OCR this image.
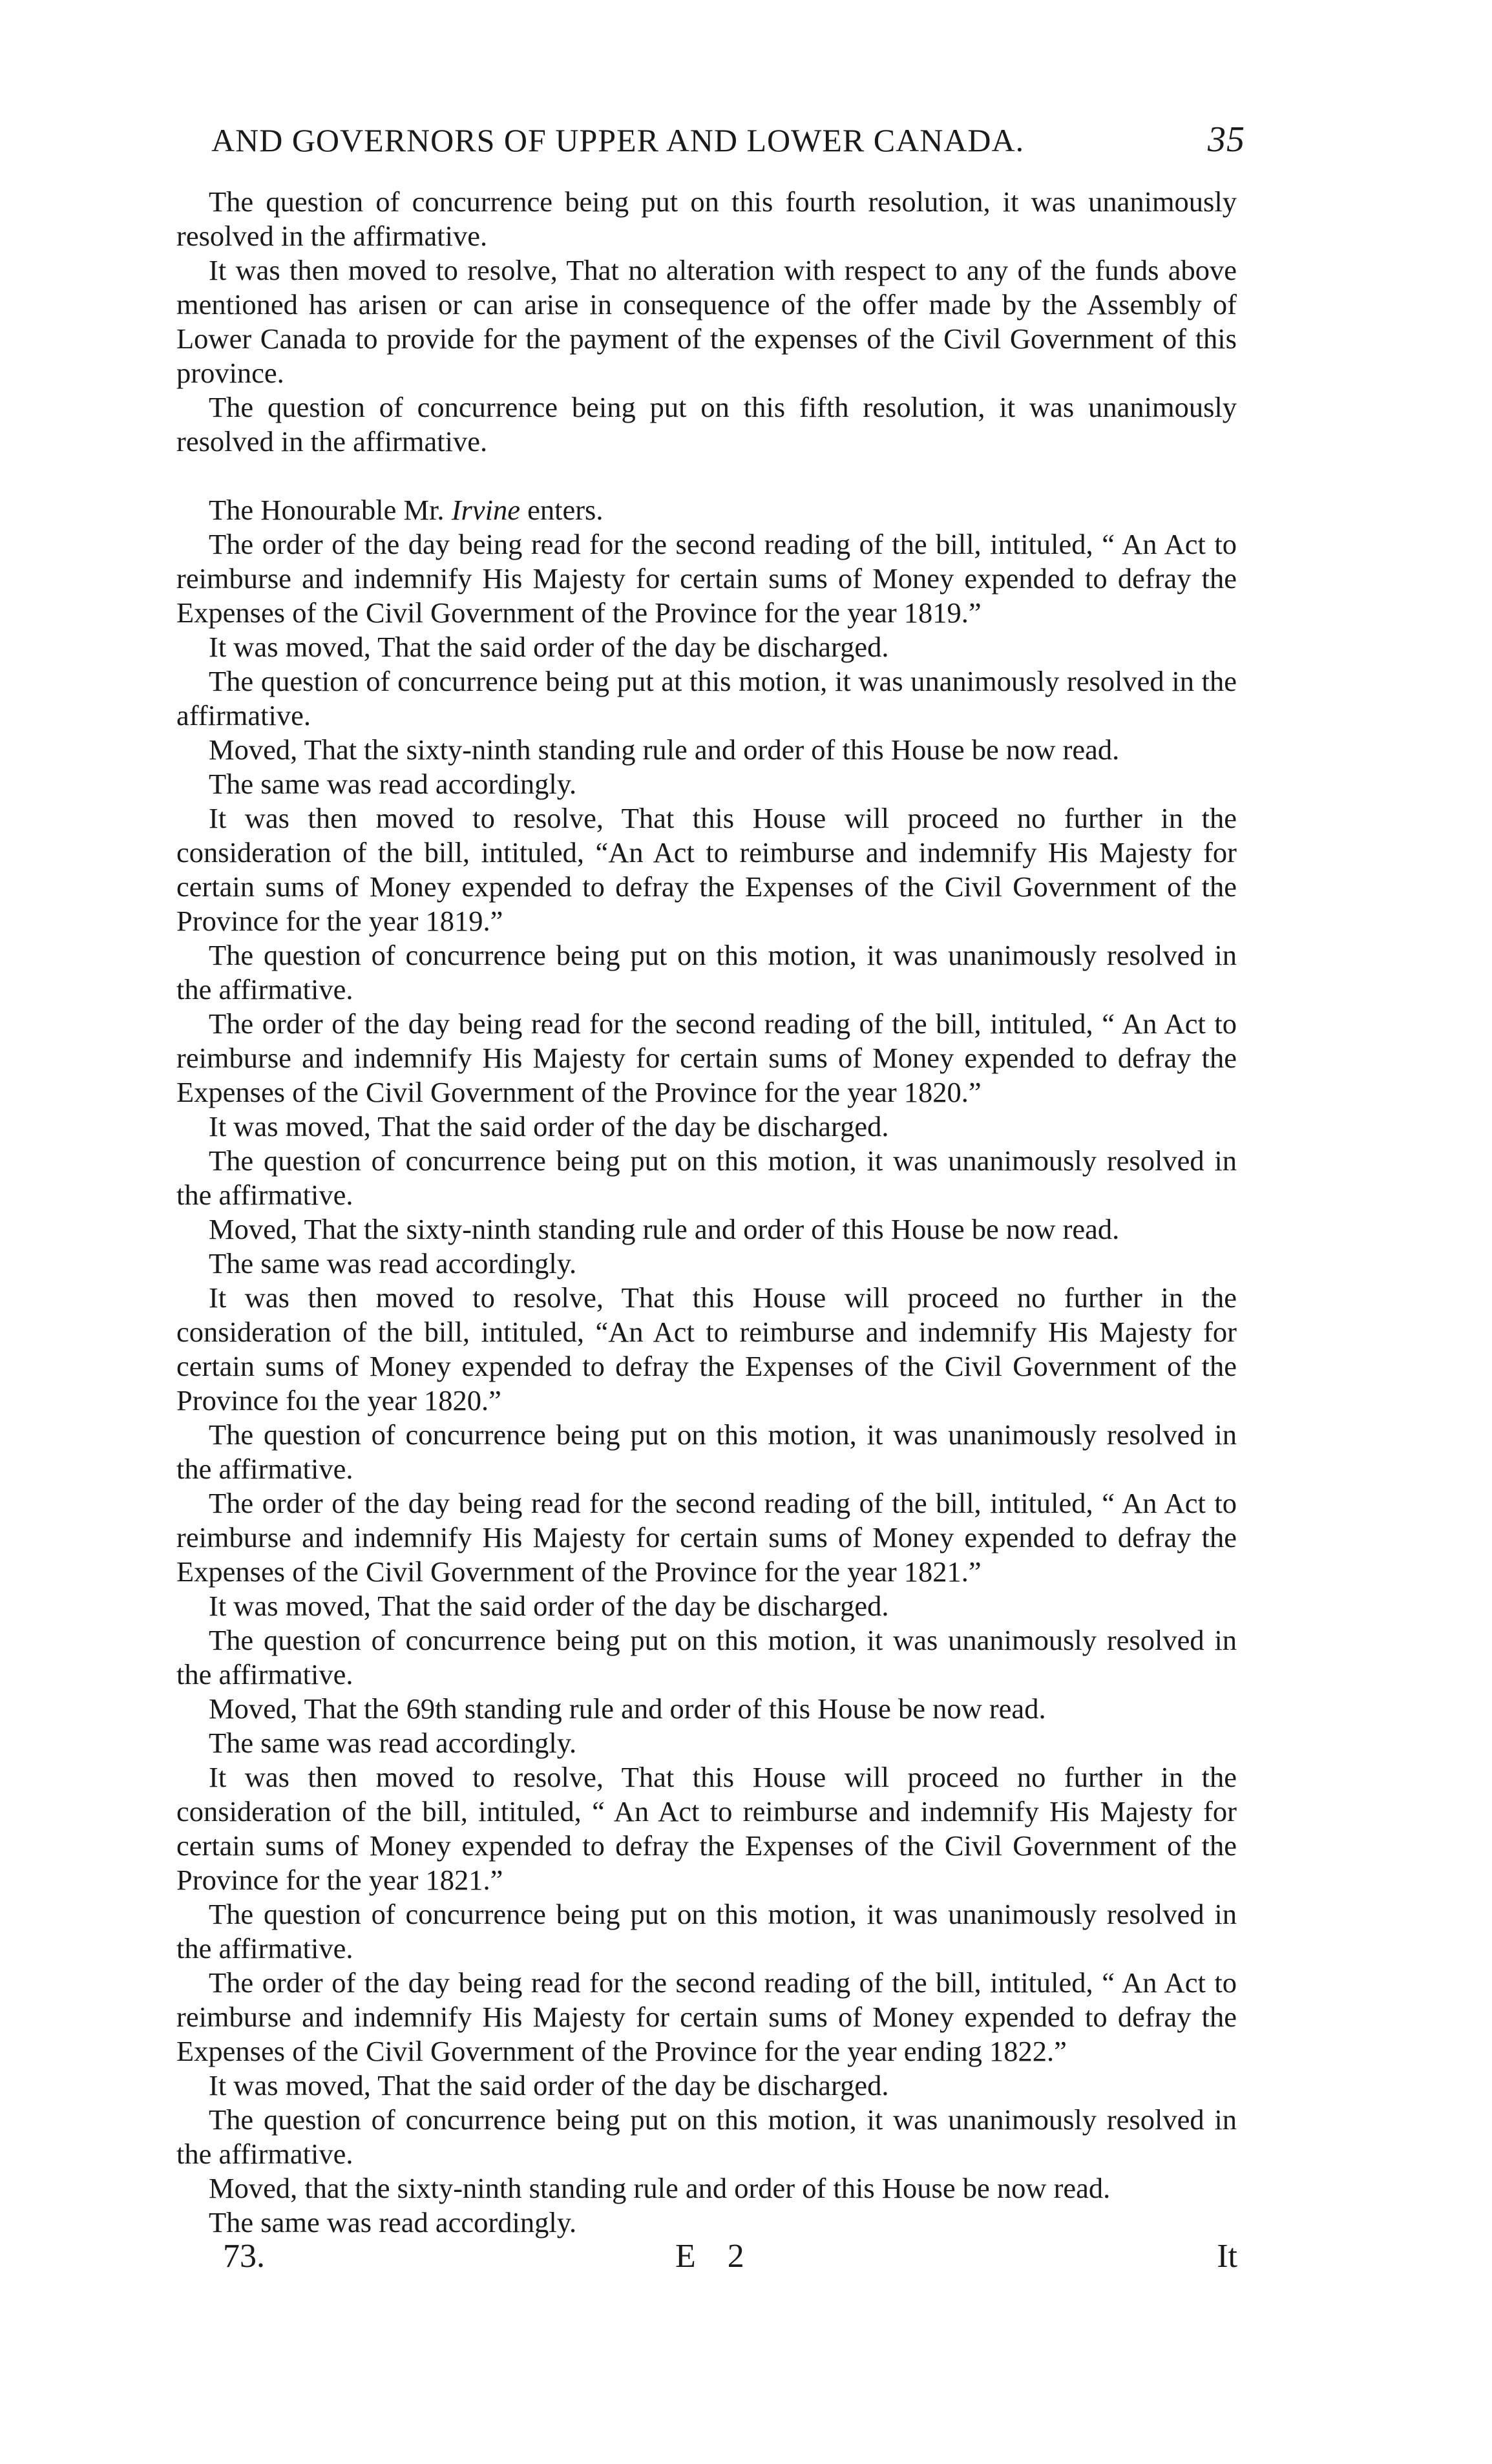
AND GOVERNORS OF UPPER AND LOWER CANADA.	35

The question of concurrence being put on this fourth resolution, it was unanimously resolved in the affirmative.

It was then moved to resolve, That no alteration with respect to any of the funds above mentioned has arisen or can arise in consequence of the offer made by the Assembly of Lower Canada to provide for the payment of the expenses of the Civil Government of this province.

The question of concurrence being put on this fifth resolution, it was unanimously resolved in the affirmative.

The Honourable Mr. Irvine enters.

The order of the day being read for the second reading of the bill, intituled, “ An Act to reimburse and indemnify His Majesty for certain sums of Money expended to defray the Expenses of the Civil Government of the Province for the year 1819.”

It was moved, That the said order of the day be discharged.

The question of concurrence being put at this motion, it was unanimously resolved in the affirmative.

Moved, That the sixty-ninth standing rule and order of this House be now read.

The same was read accordingly.

It was then moved to resolve, That this House will proceed no further in the consideration of the bill, intituled, “An Act to reimburse and indemnify His Majesty for certain sums of Money expended to defray the Expenses of the Civil Government of the Province for the year 1819.”

The question of concurrence being put on this motion, it was unanimously resolved in the affirmative.

The order of the day being read for the second reading of the bill, intituled, “ An Act to reimburse and indemnify His Majesty for certain sums of Money expended to defray the Expenses of the Civil Government of the Province for the year 1820.”

It was moved, That the said order of the day be discharged.

The question of concurrence being put on this motion, it was unanimously resolved in the affirmative.

Moved, That the sixty-ninth standing rule and order of this House be now read.

The same was read accordingly.

It was then moved to resolve, That this House will proceed no further in the consideration of the bill, intituled, “An Act to reimburse and indemnify His Majesty for certain sums of Money expended to defray the Expenses of the Civil Government of the Province foı the year 1820.”

The question of concurrence being put on this motion, it was unanimously resolved in the affirmative.

The order of the day being read for the second reading of the bill, intituled, “ An Act to reimburse and indemnify His Majesty for certain sums of Money expended to defray the Expenses of the Civil Government of the Province for the year 1821.”

It was moved, That the said order of the day be discharged.

The question of concurrence being put on this motion, it was unanimously resolved in the affirmative.

Moved, That the 69th standing rule and order of this House be now read.

The same was read accordingly.

It was then moved to resolve, That this House will proceed no further in the consideration of the bill, intituled, “ An Act to reimburse and indemnify His Majesty for certain sums of Money expended to defray the Expenses of the Civil Government of the Province for the year 1821.”

The question of concurrence being put on this motion, it was unanimously resolved in the affirmative.

The order of the day being read for the second reading of the bill, intituled, “ An Act to reimburse and indemnify His Majesty for certain sums of Money expended to defray the Expenses of the Civil Government of the Province for the year ending 1822.”

It was moved, That the said order of the day be discharged.

The question of concurrence being put on this motion, it was unanimously resolved in the affirmative.

Moved, that the sixty-ninth standing rule and order of this House be now read.

The same was read accordingly.

73.	E 2	It
